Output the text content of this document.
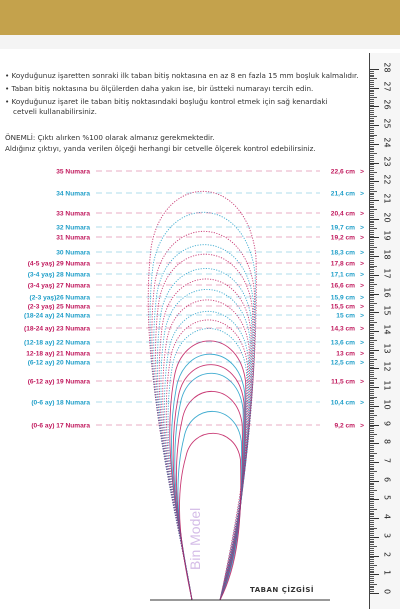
• Koyduğunuz işaretten sonraki ilk taban bitiş noktasına en az 8 en fazla 15 mm boşluk kalmalıdır.
• Taban bitiş noktasına bu ölçülerden daha yakın ise, bir üstteki numarayı tercih edin.
• Koyduğunuz işaret ile taban bitiş noktasındaki boşluğu kontrol etmek için sağ kenardaki
cetveli kullanabilirsiniz.
ÖNEMLİ: Çıktı alırken %100 olarak almanız gerekmektedir.
Aldığınız çıktıyı, yanda verilen ölçeği herhangi bir cetvelle ölçerek kontrol edebilirsiniz.
28
27
26
25
24
23
22
21
20
19
18
17
16
15
14
13
12
11
10
9
8
7
6
5
4
3
2
1
0
35 Numara	22,6 cm >
34 Numara	21,4 cm >
33 Numara	20,4 cm >
32 Numara	19,7 cm >
31 Numara	19,2 cm >
30 Numara	18,3 cm >
(4-5 yaş) 29 Numara	17,8 cm >
(3-4 yaş) 28 Numara	17,1 cm >
(3-4 yaş) 27 Numara	16,6 cm >
(2-3 yaş)26 Numara	15,9 cm >
(2-3 yaş) 25 Numara	15,5 cm >
(18-24 ay) 24 Numara	15 cm >
(18-24 ay) 23 Numara	14,3 cm >
(12-18 ay) 22 Numara	13,6 cm >
12-18 ay) 21 Numara	13 cm >
(6-12 ay) 20 Numara	12,5 cm >
(6-12 ay) 19 Numara	11,5 cm >
(0-6 ay) 18 Numara	10,4 cm >
(0-6 ay) 17 Numara	9,2 cm >
Bin Model
TABAN ÇİZGİSİ
